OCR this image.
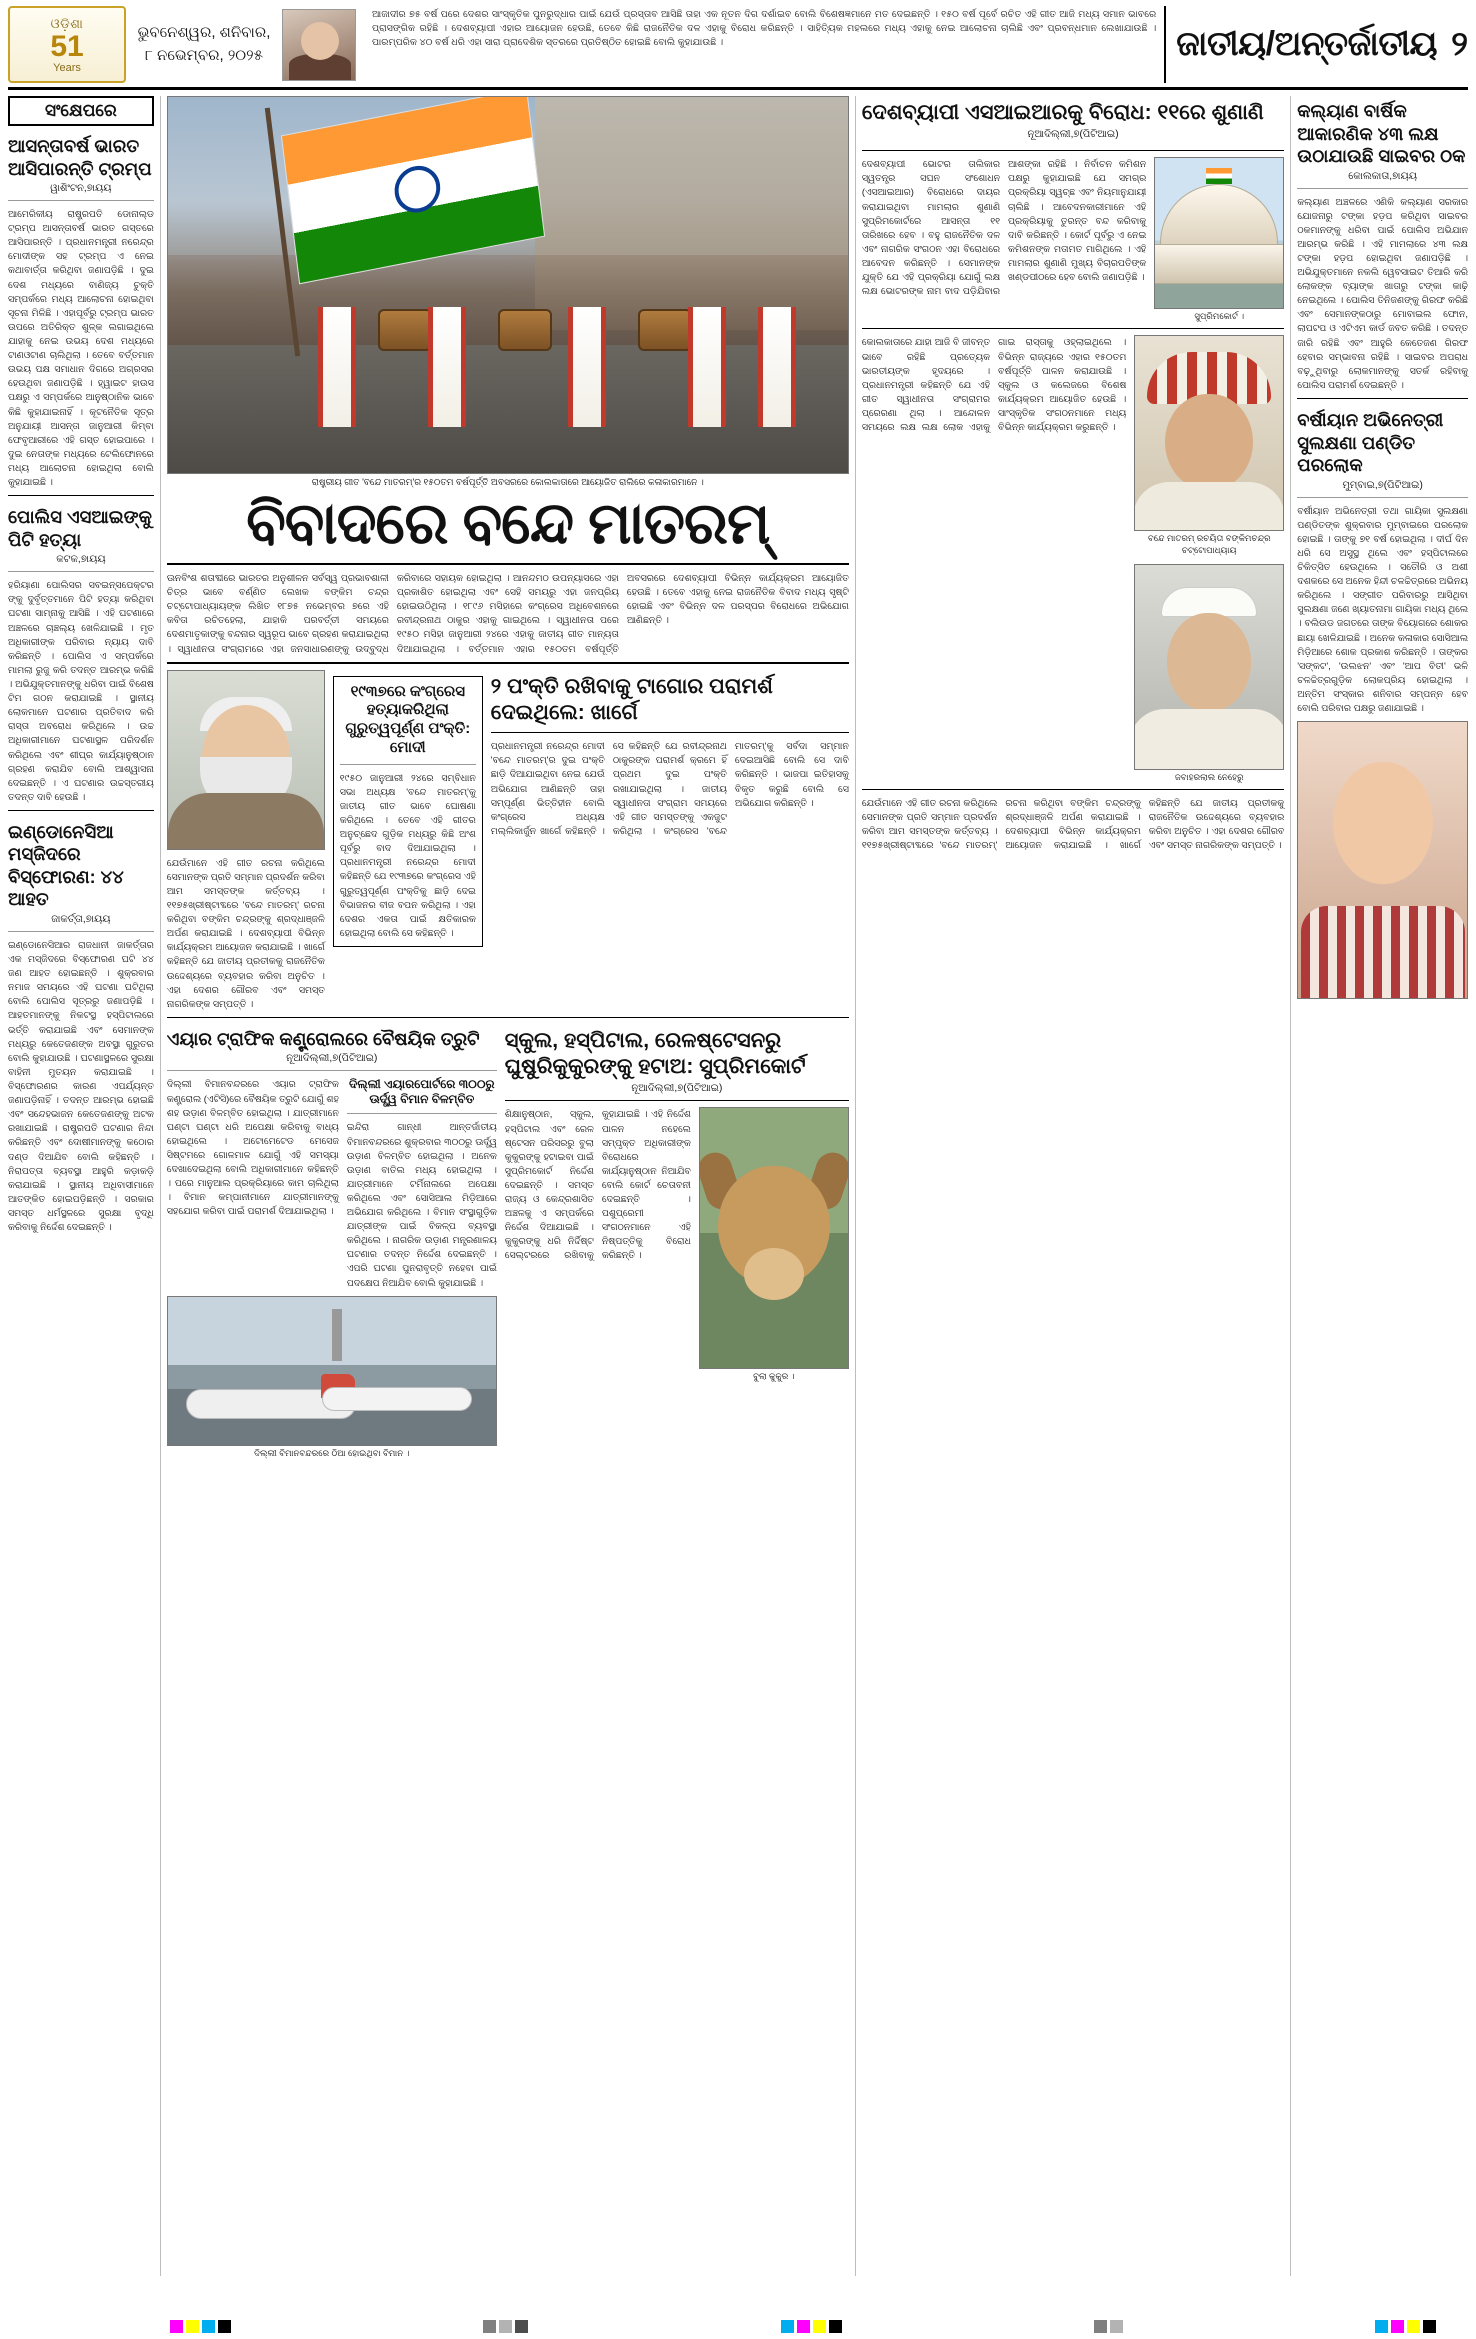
ଓଡ଼ିଶା
51
Years
ଭୁବନେଶ୍ୱର, ଶନିବାର,
୮ ନଭେମ୍ବର, ୨୦୨୫
ଆଜାଦୀର ୭୫ ବର୍ଷ ପରେ ଦେଶର ସାଂସ୍କୃତିକ ପୁନରୁଦ୍ଧାର ପାଇଁ ଯେଉଁ ପ୍ରସ୍ତାବ ଆସିଛି ତାହା ଏକ ନୂତନ ଦିଗ ଦର୍ଶାଇବ ବୋଲି ବିଶେଷଜ୍ଞମାନେ ମତ ଦେଇଛନ୍ତି । ୧୫୦ ବର୍ଷ ପୂର୍ବେ ରଚିତ ଏହି ଗୀତ ଆଜି ମଧ୍ୟ ସମାନ ଭାବରେ ପ୍ରାସଙ୍ଗିକ ରହିଛି । ଦେଶବ୍ୟାପୀ ଏହାର ଆୟୋଜନ ହେଉଛି, ତେବେ କିଛି ରାଜନୈତିକ ଦଳ ଏହାକୁ ବିରୋଧ କରିଛନ୍ତି । ସାହିତ୍ୟିକ ମହଲରେ ମଧ୍ୟ ଏହାକୁ ନେଇ ଆଲୋଚନା ଚାଲିଛି ଏବଂ ପ୍ରବନ୍ଧମାନ ଲେଖାଯାଉଛି । ପାରମ୍ପରିକ ୪୦ ବର୍ଷ ଧରି ଏହା ସାରା ପ୍ରାଦେଶିକ ସ୍ତରରେ ପ୍ରତିଷ୍ଠିତ ହୋଇଛି ବୋଲି କୁହାଯାଉଛି ।	ଜାତୀୟ/ଅନ୍ତର୍ଜାତୀୟ ୨
ସଂକ୍ଷେପରେ
ଆସନ୍ତାବର୍ଷ ଭାରତ ଆସିପାରନ୍ତି ଟ୍ରମ୍ପ
ୱାଶିଂଟନ,୭ାୟୟ
ଆମେରିକୀୟ ରାଷ୍ଟ୍ରପତି ଡୋନାଲ୍ଡ ଟ୍ରମ୍ପ ଆସନ୍ତାବର୍ଷ ଭାରତ ଗସ୍ତରେ ଆସିପାରନ୍ତି । ପ୍ରଧାନମନ୍ତ୍ରୀ ନରେନ୍ଦ୍ର ମୋଦୀଙ୍କ ସହ ଟ୍ରମ୍ପ ଏ ନେଇ କଥାବାର୍ତ୍ତା କରିଥିବା ଜଣାପଡ଼ିଛି । ଦୁଇ ଦେଶ ମଧ୍ୟରେ ବାଣିଜ୍ୟ ଚୁକ୍ତି ସମ୍ପର୍କରେ ମଧ୍ୟ ଆଲୋଚନା ହୋଇଥିବା ସୂଚନା ମିଳିଛି । ଏହାପୂର୍ବରୁ ଟ୍ରମ୍ପ ଭାରତ ଉପରେ ଅତିରିକ୍ତ ଶୁଳ୍କ ଲଗାଇଥିଲେ ଯାହାକୁ ନେଇ ଉଭୟ ଦେଶ ମଧ୍ୟରେ ଟାଣଓଟାଣ ଚାଲିଥିଲା । ତେବେ ବର୍ତ୍ତମାନ ଉଭୟ ପକ୍ଷ ସମାଧାନ ଦିଗରେ ଅଗ୍ରସର ହେଉଥିବା ଜଣାପଡ଼ିଛି । ହ୍ୱାଇଟ ହାଉସ ପକ୍ଷରୁ ଏ ସମ୍ପର୍କରେ ଆନୁଷ୍ଠାନିକ ଭାବେ କିଛି କୁହାଯାଇନାହିଁ । କୂଟନୈତିକ ସୂତ୍ର ଅନୁଯାୟୀ ଆସନ୍ତା ଜାନୁଆରୀ କିମ୍ବା ଫେବୃଆରୀରେ ଏହି ଗସ୍ତ ହୋଇପାରେ । ଦୁଇ ନେତାଙ୍କ ମଧ୍ୟରେ ଟେଲିଫୋନରେ ମଧ୍ୟ ଆଲୋଚନା ହୋଇଥିଲା ବୋଲି କୁହାଯାଇଛି ।
ପୋଲିସ ଏସଆଇଙ୍କୁ ପିଟି ହତ୍ୟା
କଟକ,୭ାୟୟ
ହରିୟାଣା ପୋଲିସର ସବଇନ୍ସପେକ୍ଟର ଙ୍କୁ ଦୁର୍ବୃତ୍ତମାନେ ପିଟି ହତ୍ୟା କରିଥିବା ଘଟଣା ସାମ୍ନାକୁ ଆସିଛି । ଏହି ଘଟଣାରେ ଅଞ୍ଚଳରେ ଚାଞ୍ଚଲ୍ୟ ଖେଳିଯାଇଛି । ମୃତ ଅଧିକାରୀଙ୍କ ପରିବାର ନ୍ୟାୟ ଦାବି କରିଛନ୍ତି । ପୋଲିସ ଏ ସମ୍ପର୍କରେ ମାମଲା ରୁଜୁ କରି ତଦନ୍ତ ଆରମ୍ଭ କରିଛି । ଅଭିଯୁକ୍ତମାନଙ୍କୁ ଧରିବା ପାଇଁ ବିଶେଷ ଟିମ ଗଠନ କରାଯାଇଛି । ସ୍ଥାନୀୟ ଲୋକମାନେ ଘଟଣାର ପ୍ରତିବାଦ କରି ରାସ୍ତା ଅବରୋଧ କରିଥିଲେ । ଉଚ୍ଚ ଅଧିକାରୀମାନେ ଘଟଣାସ୍ଥଳ ପରିଦର୍ଶନ କରିଥିଲେ ଏବଂ ଶୀଘ୍ର କାର୍ଯ୍ୟାନୁଷ୍ଠାନ ଗ୍ରହଣ କରାଯିବ ବୋଲି ଆଶ୍ୱାସନା ଦେଇଛନ୍ତି । ଏ ଘଟଣାର ଉଚ୍ଚସ୍ତରୀୟ ତଦନ୍ତ ଦାବି ହେଉଛି ।
ଇଣ୍ଡୋନେସିଆ ମସ୍ଜିଦରେ ବିସ୍ଫୋରଣ: ୪୪ ଆହତ
ଜାକର୍ତ୍ତା,୭ାୟୟ
ଇଣ୍ଡୋନେସିଆର ରାଜଧାନୀ ଜାକର୍ତ୍ତାର ଏକ ମସ୍ଜିଦରେ ବିସ୍ଫୋରଣ ଘଟି ୪୪ ଜଣ ଆହତ ହୋଇଛନ୍ତି । ଶୁକ୍ରବାର ନମାଜ ସମୟରେ ଏହି ଘଟଣା ଘଟିଥିଲା ବୋଲି ପୋଲିସ ସୂତ୍ରରୁ ଜଣାପଡ଼ିଛି । ଆହତମାନଙ୍କୁ ନିକଟସ୍ଥ ହସ୍ପିଟାଲରେ ଭର୍ତ୍ତି କରାଯାଇଛି ଏବଂ ସେମାନଙ୍କ ମଧ୍ୟରୁ କେତେଜଣଙ୍କ ଅବସ୍ଥା ଗୁରୁତର ବୋଲି କୁହାଯାଉଛି । ଘଟଣାସ୍ଥଳରେ ସୁରକ୍ଷା ବାହିନୀ ମୁତୟନ କରାଯାଇଛି । ବିସ୍ଫୋରଣର କାରଣ ଏପର୍ଯ୍ୟନ୍ତ ଜଣାପଡ଼ିନାହିଁ । ତଦନ୍ତ ଆରମ୍ଭ ହୋଇଛି ଏବଂ ସନ୍ଦେହଭାଜନ କେତେଜଣଙ୍କୁ ଅଟକ ରଖାଯାଇଛି । ରାଷ୍ଟ୍ରପତି ଘଟଣାର ନିନ୍ଦା କରିଛନ୍ତି ଏବଂ ଦୋଷୀମାନଙ୍କୁ କଠୋର ଦଣ୍ଡ ଦିଆଯିବ ବୋଲି କହିଛନ୍ତି । ନିରାପତ୍ତା ବ୍ୟବସ୍ଥା ଆହୁରି କଡ଼ାକଡ଼ି କରାଯାଇଛି । ସ୍ଥାନୀୟ ଅଧିବାସୀମାନେ ଆତଙ୍କିତ ହୋଇପଡ଼ିଛନ୍ତି । ସରକାର ସମସ୍ତ ଧର୍ମସ୍ଥଳରେ ସୁରକ୍ଷା ବୃଦ୍ଧି କରିବାକୁ ନିର୍ଦ୍ଦେଶ ଦେଇଛନ୍ତି ।
ରାଷ୍ଟ୍ରୀୟ ଗୀତ 'ବନ୍ଦେ ମାତରମ୍'ର ୧୫୦ତମ ବର୍ଷପୂର୍ତ୍ତି ଅବସରରେ କୋଲକାତାରେ ଆୟୋଜିତ ରାଲିରେ କଳାକାରମାନେ ।
ବିବାଦରେ ବନ୍ଦେ ମାତରମ୍
ଊନବିଂଶ ଶତାବ୍ଦୀରେ ଭାରତର ଅନୁଶୀଳନ ସର୍ବସ୍ୱ ପ୍ରଭାବଶାଳୀ ଚିତ୍ର ଭାବେ ବର୍ଣ୍ଣିତ ଲେଖକ ବଙ୍କିମ ଚନ୍ଦ୍ର ଚଟ୍ଟୋପାଧ୍ୟାୟଙ୍କ ଲିଖିତ ୧୮୭୫ ନଭେମ୍ବର ୭ରେ ଏହି କବିତା ରଚିତହେଲା, ଯାହାକି ପରବର୍ତ୍ତୀ ସମୟରେ ଦେଶମାତୃକାଙ୍କୁ ବନ୍ଦନାର ସ୍ୱରୂପ ଭାବେ ଗ୍ରହଣ କରାଯାଇଥିଲା । ସ୍ୱାଧୀନତା ସଂଗ୍ରାମରେ ଏହା ଜନସାଧାରଣଙ୍କୁ ଉଦ୍ବୁଦ୍ଧ କରିବାରେ ସହାୟକ ହୋଇଥିଲା । ଆନନ୍ଦମଠ ଉପନ୍ୟାସରେ ଏହା ପ୍ରକାଶିତ ହୋଇଥିଲା ଏବଂ ସେହି ସମୟରୁ ଏହା ଜନପ୍ରିୟ ହୋଇଉଠିଥିଲା । ୧୮୯୬ ମସିହାରେ କଂଗ୍ରେସ ଅଧିବେଶନରେ ରବୀନ୍ଦ୍ରନାଥ ଠାକୁର ଏହାକୁ ଗାଇଥିଲେ । ସ୍ୱାଧୀନତା ପରେ ୧୯୫୦ ମସିହା ଜାନୁଆରୀ ୨୪ରେ ଏହାକୁ ଜାତୀୟ ଗୀତ ମାନ୍ୟତା ଦିଆଯାଇଥିଲା । ବର୍ତ୍ତମାନ ଏହାର ୧୫୦ତମ ବର୍ଷପୂର୍ତ୍ତି ଅବସରରେ ଦେଶବ୍ୟାପୀ ବିଭିନ୍ନ କାର୍ଯ୍ୟକ୍ରମ ଆୟୋଜିତ ହେଉଛି । ତେବେ ଏହାକୁ ନେଇ ରାଜନୈତିକ ବିବାଦ ମଧ୍ୟ ସୃଷ୍ଟି ହୋଇଛି ଏବଂ ବିଭିନ୍ନ ଦଳ ପରସ୍ପର ବିରୋଧରେ ଅଭିଯୋଗ ଆଣିଛନ୍ତି ।
ଯେଉଁମାନେ ଏହି ଗୀତ ରଚନା କରିଥିଲେ ସେମାନଙ୍କ ପ୍ରତି ସମ୍ମାନ ପ୍ରଦର୍ଶନ କରିବା ଆମ ସମସ୍ତଙ୍କ କର୍ତ୍ତବ୍ୟ । ୧୧୭୫ଖ୍ରୀଷ୍ଟାବ୍ଦରେ 'ବନ୍ଦେ ମାତରମ୍' ରଚନା କରିଥିବା ବଙ୍କିମ ଚନ୍ଦ୍ରଙ୍କୁ ଶ୍ରଦ୍ଧାଞ୍ଜଳି ଅର୍ପଣ କରାଯାଇଛି । ଦେଶବ୍ୟାପୀ ବିଭିନ୍ନ କାର୍ଯ୍ୟକ୍ରମ ଆୟୋଜନ କରାଯାଇଛି । ଖାର୍ଗେ କହିଛନ୍ତି ଯେ ଜାତୀୟ ପ୍ରତୀକକୁ ରାଜନୈତିକ ଉଦ୍ଦେଶ୍ୟରେ ବ୍ୟବହାର କରିବା ଅନୁଚିତ । ଏହା ଦେଶର ଗୌରବ ଏବଂ ସମସ୍ତ ନାଗରିକଙ୍କ ସମ୍ପତ୍ତି ।
୧୯୩୭ରେ କଂଗ୍ରେସ ହତ୍ୟାକରିଥିଲା ଗୁରୁତ୍ୱପୂର୍ଣ୍ଣ ପଂକ୍ତି: ମୋଦୀ
୧୯୫୦ ଜାନୁଆରୀ ୨୪ରେ ସମ୍ବିଧାନ ସଭା ଅଧ୍ୟକ୍ଷ 'ବନ୍ଦେ ମାତରମ୍'କୁ ଜାତୀୟ ଗୀତ ଭାବେ ଘୋଷଣା କରିଥିଲେ । ତେବେ ଏହି ଗୀତର ଅନୁଚ୍ଛେଦ ଗୁଡ଼ିକ ମଧ୍ୟରୁ କିଛି ଅଂଶ ପୂର୍ବରୁ ବାଦ ଦିଆଯାଇଥିଲା । ପ୍ରଧାନମନ୍ତ୍ରୀ ନରେନ୍ଦ୍ର ମୋଦୀ କହିଛନ୍ତି ଯେ ୧୯୩୭ରେ କଂଗ୍ରେସ ଏହି ଗୁରୁତ୍ୱପୂର୍ଣ୍ଣ ପଂକ୍ତିକୁ ଛାଡ଼ି ଦେଇ ବିଭାଜନର ବୀଜ ବପନ କରିଥିଲା । ଏହା ଦେଶର ଏକତା ପାଇଁ କ୍ଷତିକାରକ ହୋଇଥିଲା ବୋଲି ସେ କହିଛନ୍ତି ।
୨ ପଂକ୍ତି ରଖିବାକୁ ଟାଗୋର ପରାମର୍ଶ ଦେଇଥିଲେ: ଖାର୍ଗେ
ପ୍ରଧାନମନ୍ତ୍ରୀ ନରେନ୍ଦ୍ର ମୋଦୀ 'ବନ୍ଦେ ମାତରମ୍'ର ଦୁଇ ପଂକ୍ତି ଛାଡ଼ି ଦିଆଯାଇଥିବା ନେଇ ଯେଉଁ ଅଭିଯୋଗ ଆଣିଛନ୍ତି ତାହା ସମ୍ପୂର୍ଣ୍ଣ ଭିତ୍ତିହୀନ ବୋଲି କଂଗ୍ରେସ ଅଧ୍ୟକ୍ଷ ମଲ୍ଲିକାର୍ଜୁନ ଖାର୍ଗେ କହିଛନ୍ତି । ସେ କହିଛନ୍ତି ଯେ ରବୀନ୍ଦ୍ରନାଥ ଠାକୁରଙ୍କ ପରାମର୍ଶ କ୍ରମେ ହିଁ ପ୍ରଥମ ଦୁଇ ପଂକ୍ତି ରଖାଯାଇଥିଲା । ଜାତୀୟ ସ୍ୱାଧୀନତା ସଂଗ୍ରାମ ସମୟରେ ଏହି ଗୀତ ସମସ୍ତଙ୍କୁ ଏକଜୁଟ କରିଥିଲା । କଂଗ୍ରେସ 'ବନ୍ଦେ ମାତରମ୍'କୁ ସର୍ବଦା ସମ୍ମାନ ଦେଇଆସିଛି ବୋଲି ସେ ଦାବି କରିଛନ୍ତି । ଭାଜପା ଇତିହାସକୁ ବିକୃତ କରୁଛି ବୋଲି ସେ ଅଭିଯୋଗ କରିଛନ୍ତି ।
ଏୟାର ଟ୍ରାଫିକ କଣ୍ଟ୍ରୋଲରେ ବୈଷୟିକ ତ୍ରୁଟି
ନୂଆଦିଲ୍ଲୀ,୭(ପିଟିଆଇ)
ଦିଲ୍ଲୀ ବିମାନବନ୍ଦରରେ ଏୟାର ଟ୍ରାଫିକ କଣ୍ଟ୍ରୋଲ (ଏଟିସି)ରେ ବୈଷୟିକ ତ୍ରୁଟି ଯୋଗୁଁ ଶହ ଶହ ଉଡ଼ାଣ ବିଳମ୍ବିତ ହୋଇଥିଲା । ଯାତ୍ରୀମାନେ ଘଣ୍ଟା ଘଣ୍ଟା ଧରି ଅପେକ୍ଷା କରିବାକୁ ବାଧ୍ୟ ହୋଇଥିଲେ । ଅଟୋମେଟେଡ ମେସେଜ ସିଷ୍ଟମରେ ଗୋଳମାଳ ଯୋଗୁଁ ଏହି ସମସ୍ୟା ଦେଖାଦେଇଥିଲା ବୋଲି ଅଧିକାରୀମାନେ କହିଛନ୍ତି । ପରେ ମାନୁଆଲ ପ୍ରକ୍ରିୟାରେ କାମ ଚାଲିଥିଲା । ବିମାନ କମ୍ପାନୀମାନେ ଯାତ୍ରୀମାନଙ୍କୁ ସହଯୋଗ କରିବା ପାଇଁ ପରାମର୍ଶ ଦିଆଯାଇଥିଲା ।
ଦିଲ୍ଲୀ ଏୟାରପୋର୍ଟରେ ୩୦୦ରୁ ଊର୍ଦ୍ଧ୍ୱ ବିମାନ ବିଳମ୍ବିତ
ଇନ୍ଦିରା ଗାନ୍ଧୀ ଆନ୍ତର୍ଜାତୀୟ ବିମାନବନ୍ଦରରେ ଶୁକ୍ରବାର ୩୦୦ରୁ ଊର୍ଦ୍ଧ୍ୱ ଉଡ଼ାଣ ବିଳମ୍ବିତ ହୋଇଥିଲା । ଅନେକ ଉଡ଼ାଣ ବାତିଲ ମଧ୍ୟ ହୋଇଥିଲା । ଯାତ୍ରୀମାନେ ଟର୍ମିନାଲରେ ଅପେକ୍ଷା କରିଥିଲେ ଏବଂ ସୋସିଆଲ ମିଡ଼ିଆରେ ଅଭିଯୋଗ କରିଥିଲେ । ବିମାନ ସଂସ୍ଥାଗୁଡ଼ିକ ଯାତ୍ରୀଙ୍କ ପାଇଁ ବିକଳ୍ପ ବ୍ୟବସ୍ଥା କରିଥିଲେ । ନାଗରିକ ଉଡ଼ାଣ ମନ୍ତ୍ରଣାଳୟ ଘଟଣାର ତଦନ୍ତ ନିର୍ଦ୍ଦେଶ ଦେଇଛନ୍ତି । ଏପରି ଘଟଣା ପୁନରାବୃତ୍ତି ନହେବା ପାଇଁ ପଦକ୍ଷେପ ନିଆଯିବ ବୋଲି କୁହାଯାଇଛି ।
ଦିଲ୍ଲୀ ବିମାନବନ୍ଦରରେ ଠିଆ ହୋଇଥିବା ବିମାନ ।
ସ୍କୁଲ, ହସ୍ପିଟାଲ, ରେଳଷ୍ଟେସନରୁ ଘୁଷୁରିକୁକୁରଙ୍କୁ ହଟାଅ: ସୁପ୍ରିମକୋର୍ଟ
ନୂଆଦିଲ୍ଲୀ,୭(ପିଟିଆଇ)
ଶିକ୍ଷାନୁଷ୍ଠାନ, ସ୍କୁଲ, ହସ୍ପିଟାଲ ଏବଂ ରେଳ ଷ୍ଟେସନ ପରିସରରୁ ବୁଲା କୁକୁରଙ୍କୁ ହଟାଇବା ପାଇଁ ସୁପ୍ରିମକୋର୍ଟ ନିର୍ଦ୍ଦେଶ ଦେଇଛନ୍ତି । ସମସ୍ତ ରାଜ୍ୟ ଓ କେନ୍ଦ୍ରଶାସିତ ଅଞ୍ଚଳକୁ ଏ ସମ୍ପର୍କରେ ନିର୍ଦ୍ଦେଶ ଦିଆଯାଇଛି । କୁକୁରଙ୍କୁ ଧରି ନିର୍ଦ୍ଦିଷ୍ଟ ସେଲ୍ଟରରେ ରଖିବାକୁ କୁହାଯାଇଛି । ଏହି ନିର୍ଦ୍ଦେଶ ପାଳନ ନହେଲେ ସମ୍ପୃକ୍ତ ଅଧିକାରୀଙ୍କ ବିରୋଧରେ କାର୍ଯ୍ୟାନୁଷ୍ଠାନ ନିଆଯିବ ବୋଲି କୋର୍ଟ ଚେତାବନୀ ଦେଇଛନ୍ତି । ପଶୁପ୍ରେମୀ ସଂଗଠନମାନେ ଏହି ନିଷ୍ପତ୍ତିକୁ ବିରୋଧ କରିଛନ୍ତି ।
ବୁଲା କୁକୁର ।
ଦେଶବ୍ୟାପୀ ଏସଆଇଆରକୁ ବିରୋଧ: ୧୧ରେ ଶୁଣାଣି
ନୂଆଦିଲ୍ଲୀ,୭(ପିଟିଆଇ)
ଦେଶବ୍ୟାପୀ ଭୋଟର ତାଲିକାର ସ୍ୱତନ୍ତ୍ର ସଘନ ସଂଶୋଧନ (ଏସଆଇଆର) ବିରୋଧରେ ଦାୟର କରାଯାଇଥିବା ମାମଲାର ଶୁଣାଣି ସୁପ୍ରିମକୋର୍ଟରେ ଆସନ୍ତା ୧୧ ତାରିଖରେ ହେବ । ବହୁ ରାଜନୈତିକ ଦଳ ଏବଂ ନାଗରିକ ସଂଗଠନ ଏହା ବିରୋଧରେ ଆବେଦନ କରିଛନ୍ତି । ସେମାନଙ୍କ ଯୁକ୍ତି ଯେ ଏହି ପ୍ରକ୍ରିୟା ଯୋଗୁଁ ଲକ୍ଷ ଲକ୍ଷ ଭୋଟରଙ୍କ ନାମ ବାଦ ପଡ଼ିଯିବାର ଆଶଙ୍କା ରହିଛି । ନିର୍ବାଚନ କମିଶନ ପକ୍ଷରୁ କୁହାଯାଇଛି ଯେ ସମଗ୍ର ପ୍ରକ୍ରିୟା ସ୍ୱଚ୍ଛ ଏବଂ ନିୟମାନୁଯାୟୀ ଚାଲିଛି । ଆବେଦନକାରୀମାନେ ଏହି ପ୍ରକ୍ରିୟାକୁ ତୁରନ୍ତ ବନ୍ଦ କରିବାକୁ ଦାବି କରିଛନ୍ତି । କୋର୍ଟ ପୂର୍ବରୁ ଏ ନେଇ କମିଶନଙ୍କ ମତାମତ ମାଗିଥିଲେ । ଏହି ମାମଲାର ଶୁଣାଣି ମୁଖ୍ୟ ବିଚାରପତିଙ୍କ ଖଣ୍ଡପୀଠରେ ହେବ ବୋଲି ଜଣାପଡ଼ିଛି ।
ସୁପ୍ରିମକୋର୍ଟ ।
କୋଲକାତାରେ ଯାହା ଆଜି ବି ଜୀବନ୍ତ ଭାବେ ରହିଛି ପ୍ରତ୍ୟେକ ଭାରତୀୟଙ୍କ ହୃଦୟରେ । ପ୍ରଧାନମନ୍ତ୍ରୀ କହିଛନ୍ତି ଯେ ଏହି ଗୀତ ସ୍ୱାଧୀନତା ସଂଗ୍ରାମର ପ୍ରେରଣା ଥିଲା । ଆନ୍ଦୋଳନ ସମୟରେ ଲକ୍ଷ ଲକ୍ଷ ଲୋକ ଏହାକୁ ଗାଇ ରାସ୍ତାକୁ ଓହ୍ଲାଇଥିଲେ । ବିଭିନ୍ନ ରାଜ୍ୟରେ ଏହାର ୧୫୦ତମ ବର୍ଷପୂର୍ତ୍ତି ପାଳନ କରାଯାଉଛି । ସ୍କୁଲ ଓ କଲେଜରେ ବିଶେଷ କାର୍ଯ୍ୟକ୍ରମ ଆୟୋଜିତ ହେଉଛି । ସାଂସ୍କୃତିକ ସଂଗଠନମାନେ ମଧ୍ୟ ବିଭିନ୍ନ କାର୍ଯ୍ୟକ୍ରମ କରୁଛନ୍ତି ।
ବନ୍ଦେ ମାତରମ୍ ରଚୟିତା ବଙ୍କିମଚନ୍ଦ୍ର ଚଟ୍ଟୋପାଧ୍ୟାୟ
ଜବାହରଲାଲ ନେହେରୁ
ଯେଉଁମାନେ ଏହି ଗୀତ ରଚନା କରିଥିଲେ ସେମାନଙ୍କ ପ୍ରତି ସମ୍ମାନ ପ୍ରଦର୍ଶନ କରିବା ଆମ ସମସ୍ତଙ୍କ କର୍ତ୍ତବ୍ୟ । ୧୧୭୫ଖ୍ରୀଷ୍ଟାବ୍ଦରେ 'ବନ୍ଦେ ମାତରମ୍' ରଚନା କରିଥିବା ବଙ୍କିମ ଚନ୍ଦ୍ରଙ୍କୁ ଶ୍ରଦ୍ଧାଞ୍ଜଳି ଅର୍ପଣ କରାଯାଇଛି । ଦେଶବ୍ୟାପୀ ବିଭିନ୍ନ କାର୍ଯ୍ୟକ୍ରମ ଆୟୋଜନ କରାଯାଇଛି । ଖାର୍ଗେ କହିଛନ୍ତି ଯେ ଜାତୀୟ ପ୍ରତୀକକୁ ରାଜନୈତିକ ଉଦ୍ଦେଶ୍ୟରେ ବ୍ୟବହାର କରିବା ଅନୁଚିତ । ଏହା ଦେଶର ଗୌରବ ଏବଂ ସମସ୍ତ ନାଗରିକଙ୍କ ସମ୍ପତ୍ତି ।
କଲ୍ୟାଣ ବାର୍ଷିକ ଆକାରଣିକ ୪୩ ଲକ୍ଷ ଉଠାଯାଉଛି ସାଇବର ଠକ
କୋଲକାତା,୭ାୟୟ
କଲ୍ୟାଣ ଅଞ୍ଚଳରେ ଏଣିକି କଲ୍ୟାଣ ସରକାର ଯୋଜନାରୁ ଟଙ୍କା ହଡ଼ପ କରିଥିବା ସାଇବର ଠକମାନଙ୍କୁ ଧରିବା ପାଇଁ ପୋଲିସ ଅଭିଯାନ ଆରମ୍ଭ କରିଛି । ଏହି ମାମଲାରେ ୪୩ ଲକ୍ଷ ଟଙ୍କା ହଡ଼ପ ହୋଇଥିବା ଜଣାପଡ଼ିଛି । ଅଭିଯୁକ୍ତମାନେ ନକଲି ୱେବସାଇଟ ତିଆରି କରି ଲୋକଙ୍କ ବ୍ୟାଙ୍କ ଖାତାରୁ ଟଙ୍କା କାଢ଼ି ନେଇଥିଲେ । ପୋଲିସ ତିନିଜଣଙ୍କୁ ଗିରଫ କରିଛି ଏବଂ ସେମାନଙ୍କଠାରୁ ମୋବାଇଲ ଫୋନ, ଲାପଟପ ଓ ଏଟିଏମ କାର୍ଡ ଜବତ କରିଛି । ତଦନ୍ତ ଜାରି ରହିଛି ଏବଂ ଆହୁରି କେତେଜଣ ଗିରଫ ହେବାର ସମ୍ଭାବନା ରହିଛି । ସାଇବର ଅପରାଧ ବଢ଼ୁଥିବାରୁ ଲୋକମାନଙ୍କୁ ସତର୍କ ରହିବାକୁ ପୋଲିସ ପରାମର୍ଶ ଦେଇଛନ୍ତି ।
ବର୍ଷୀୟାନ ଅଭିନେତ୍ରୀ ସୁଲକ୍ଷଣା ପଣ୍ଡିତ ପରଲୋକ
ମୁମ୍ବାଇ,୭(ପିଟିଆଇ)
ବର୍ଷୀୟାନ ଅଭିନେତ୍ରୀ ତଥା ଗାୟିକା ସୁଲକ୍ଷଣା ପଣ୍ଡିତଙ୍କ ଶୁକ୍ରବାର ମୁମ୍ବାଇରେ ପରଲୋକ ହୋଇଛି । ତାଙ୍କୁ ୭୧ ବର୍ଷ ହୋଇଥିଲା । ଦୀର୍ଘ ଦିନ ଧରି ସେ ଅସୁସ୍ଥ ଥିଲେ ଏବଂ ହସ୍ପିଟାଲରେ ଚିକିତ୍ସିତ ହେଉଥିଲେ । ସତୌରି ଓ ଅଶୀ ଦଶକରେ ସେ ଅନେକ ହିନ୍ଦୀ ଚଳଚ୍ଚିତ୍ରରେ ଅଭିନୟ କରିଥିଲେ । ସଙ୍ଗୀତ ପରିବାରରୁ ଆସିଥିବା ସୁଲକ୍ଷଣା ଜଣେ ଖ୍ୟାତନାମା ଗାୟିକା ମଧ୍ୟ ଥିଲେ । ବଲିଉଡ ଜଗତରେ ତାଙ୍କ ବିୟୋଗରେ ଶୋକର ଛାୟା ଖେଳିଯାଇଛି । ଅନେକ କଳାକାର ସୋସିଆଲ ମିଡ଼ିଆରେ ଶୋକ ପ୍ରକାଶ କରିଛନ୍ତି । ତାଙ୍କର 'ସଙ୍କଟ', 'ଉଲଝନ' ଏବଂ 'ଆପ ବିତୀ' ଭଳି ଚଳଚ୍ଚିତ୍ରଗୁଡ଼ିକ ଲୋକପ୍ରିୟ ହୋଇଥିଲା । ଅନ୍ତିମ ସଂସ୍କାର ଶନିବାର ସମ୍ପନ୍ନ ହେବ ବୋଲି ପରିବାର ପକ୍ଷରୁ ଜଣାଯାଇଛି ।
